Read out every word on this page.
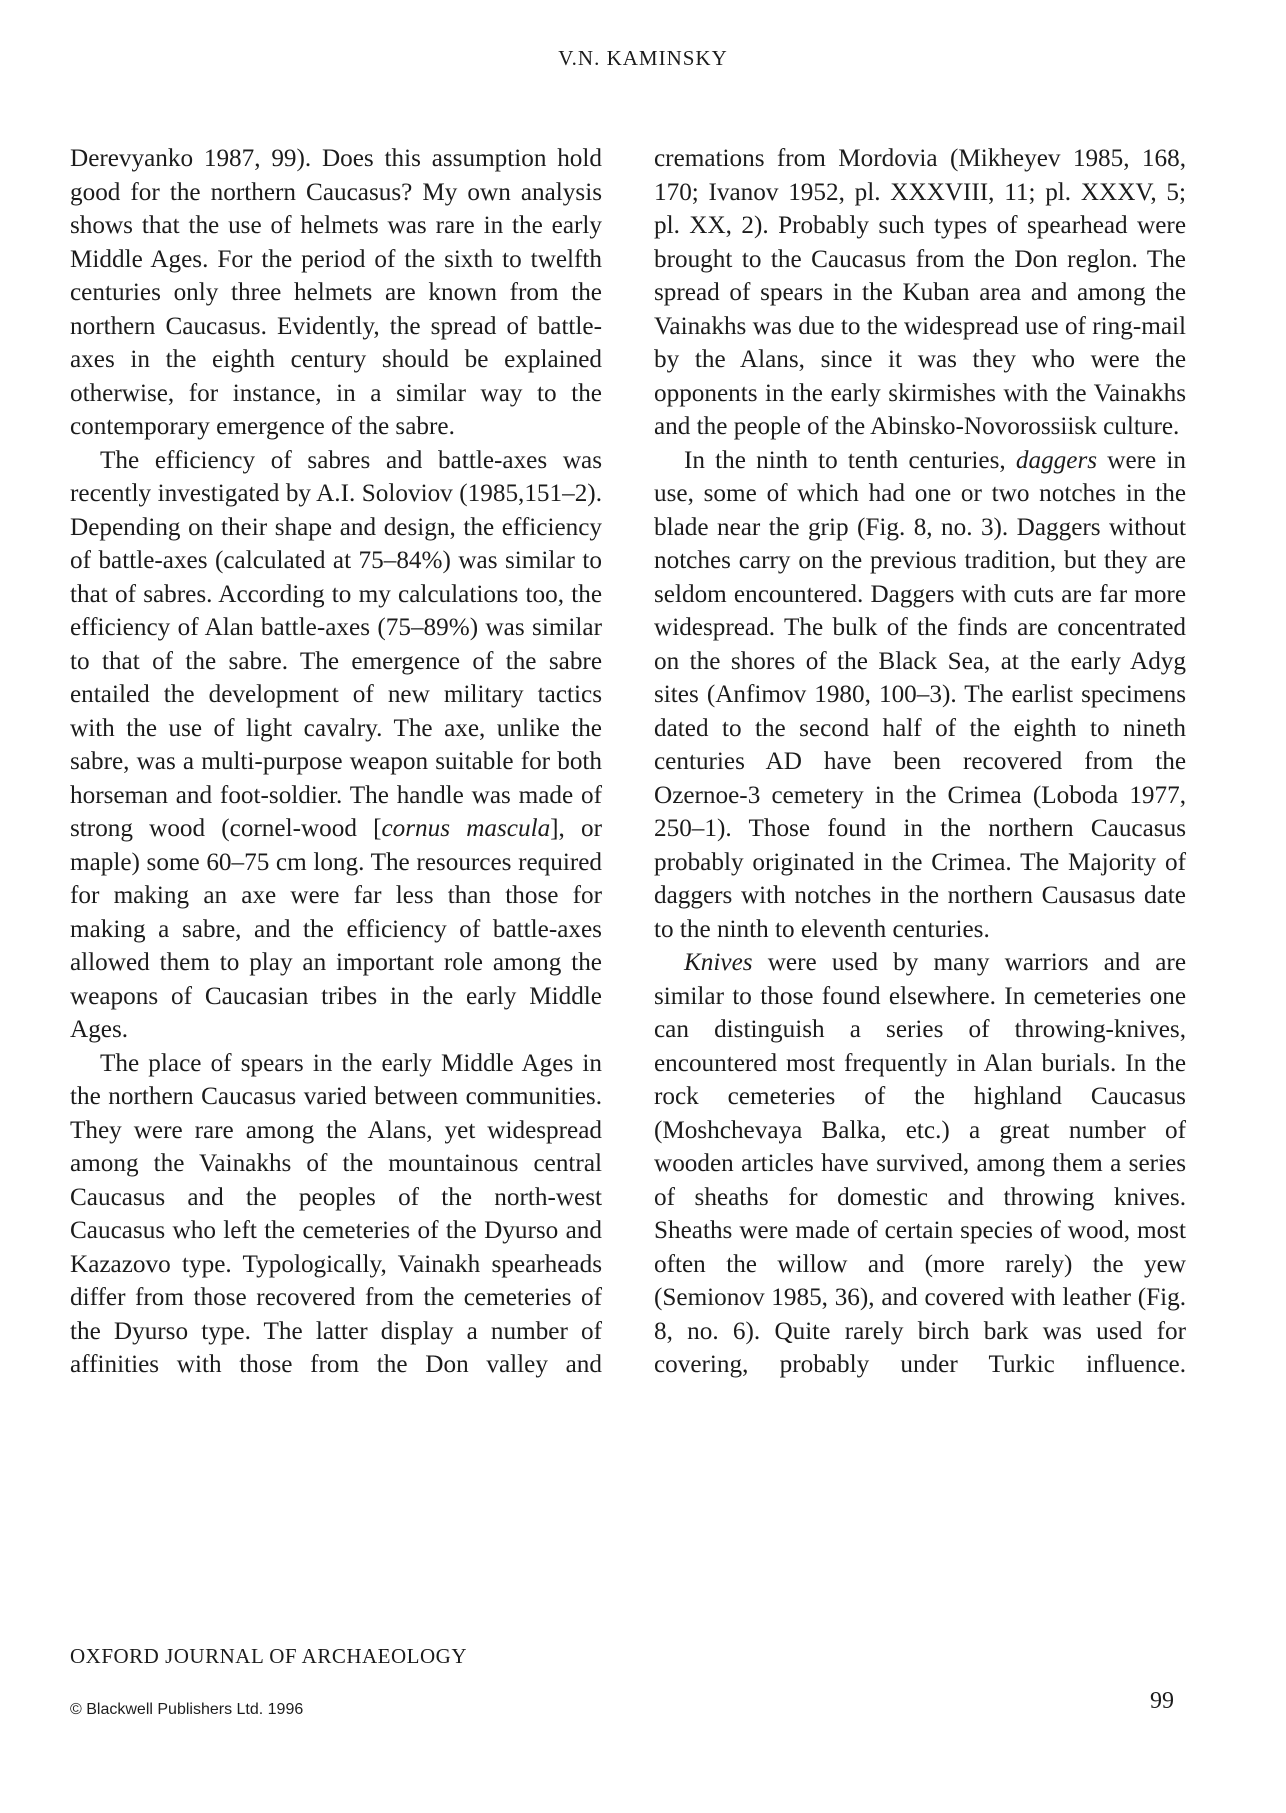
V.N. KAMINSKY

Derevyanko 1987, 99). Does this assumption hold good for the northern Caucasus? My own analysis shows that the use of helmets was rare in the early Middle Ages. For the period of the sixth to twelfth centuries only three helmets are known from the northern Caucasus. Evidently, the spread of battle-axes in the eighth century should be explained otherwise, for instance, in a similar way to the contemporary emergence of the sabre.

The efficiency of sabres and battle-axes was recently investigated by A.I. Soloviov (1985,151–2). Depending on their shape and design, the efficiency of battle-axes (calculated at 75–84%) was similar to that of sabres. According to my calculations too, the efficiency of Alan battle-axes (75–89%) was similar to that of the sabre. The emergence of the sabre entailed the development of new military tactics with the use of light cavalry. The axe, unlike the sabre, was a multi-purpose weapon suitable for both horseman and foot-soldier. The handle was made of strong wood (cornel-wood [cornus mascula], or maple) some 60–75 cm long. The resources required for making an axe were far less than those for making a sabre, and the efficiency of battle-axes allowed them to play an important role among the weapons of Caucasian tribes in the early Middle Ages.

The place of spears in the early Middle Ages in the northern Caucasus varied between communities. They were rare among the Alans, yet widespread among the Vainakhs of the mountainous central Caucasus and the peoples of the north-west Caucasus who left the cemeteries of the Dyurso and Kazazovo type. Typologically, Vainakh spearheads differ from those recovered from the cemeteries of the Dyurso type. The latter display a number of affinities with those from the Don valley and

cremations from Mordovia (Mikheyev 1985, 168, 170; Ivanov 1952, pl. XXXVIII, 11; pl. XXXV, 5; pl. XX, 2). Probably such types of spearhead were brought to the Caucasus from the Don reglon. The spread of spears in the Kuban area and among the Vainakhs was due to the widespread use of ring-mail by the Alans, since it was they who were the opponents in the early skirmishes with the Vainakhs and the people of the Abinsko-Novorossiisk culture.

In the ninth to tenth centuries, daggers were in use, some of which had one or two notches in the blade near the grip (Fig. 8, no. 3). Daggers without notches carry on the previous tradition, but they are seldom encountered. Daggers with cuts are far more widespread. The bulk of the finds are concentrated on the shores of the Black Sea, at the early Adyg sites (Anfimov 1980, 100–3). The earlist specimens dated to the second half of the eighth to nineth centuries AD have been recovered from the Ozernoe-3 cemetery in the Crimea (Loboda 1977, 250–1). Those found in the northern Caucasus probably originated in the Crimea. The Majority of daggers with notches in the northern Causasus date to the ninth to eleventh centuries.

Knives were used by many warriors and are similar to those found elsewhere. In cemeteries one can distinguish a series of throwing-knives, encountered most frequently in Alan burials. In the rock cemeteries of the highland Caucasus (Moshchevaya Balka, etc.) a great number of wooden articles have survived, among them a series of sheaths for domestic and throwing knives. Sheaths were made of certain species of wood, most often the willow and (more rarely) the yew (Semionov 1985, 36), and covered with leather (Fig. 8, no. 6). Quite rarely birch bark was used for covering, probably under Turkic influence.

OXFORD JOURNAL OF ARCHAEOLOGY
© Blackwell Publishers Ltd. 1996	99
